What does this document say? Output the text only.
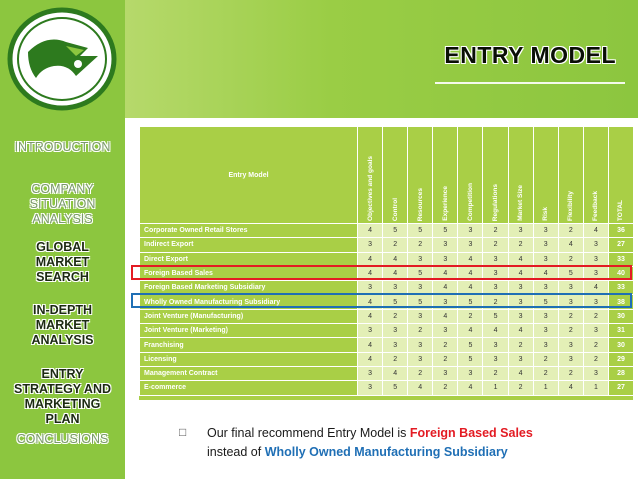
INTRODUCTION

COMPANY
SITUATION
ANALYSIS

GLOBAL
MARKET
SEARCH

IN-DEPTH
MARKET
ANALYSIS

ENTRY
STRATEGY AND
MARKETING
PLAN

CONCLUSIONS
ENTRY MODEL
Entry Model	Objectives and goals	Control	Resources	Experience	Competition	Regulations	Market Size	Risk	Flexibility	Feedback	TOTAL
Corporate Owned Retail Stores	4	5	5	5	3	2	3	3	2	4	36
Indirect Export	3	2	2	3	3	2	2	3	4	3	27
Direct Export	4	4	3	3	4	3	4	3	2	3	33
Foreign Based Sales	4	4	5	4	4	3	4	4	5	3	40
Foreign Based Marketing Subsidiary	3	3	3	4	4	3	3	3	3	4	33
Wholly Owned Manufacturing Subsidiary	4	5	5	3	5	2	3	5	3	3	38
Joint Venture (Manufacturing)	4	2	3	4	2	5	3	3	2	2	30
Joint Venture (Marketing)	3	3	2	3	4	4	4	3	2	3	31
Franchising	4	3	3	2	5	3	2	3	3	2	30
Licensing	4	2	3	2	5	3	3	2	3	2	29
Management Contract	3	4	2	3	3	2	4	2	2	3	28
E-commerce	3	5	4	2	4	1	2	1	4	1	27
□ Our final recommend Entry Model is Foreign Based Sales
instead of Wholly Owned Manufacturing Subsidiary
